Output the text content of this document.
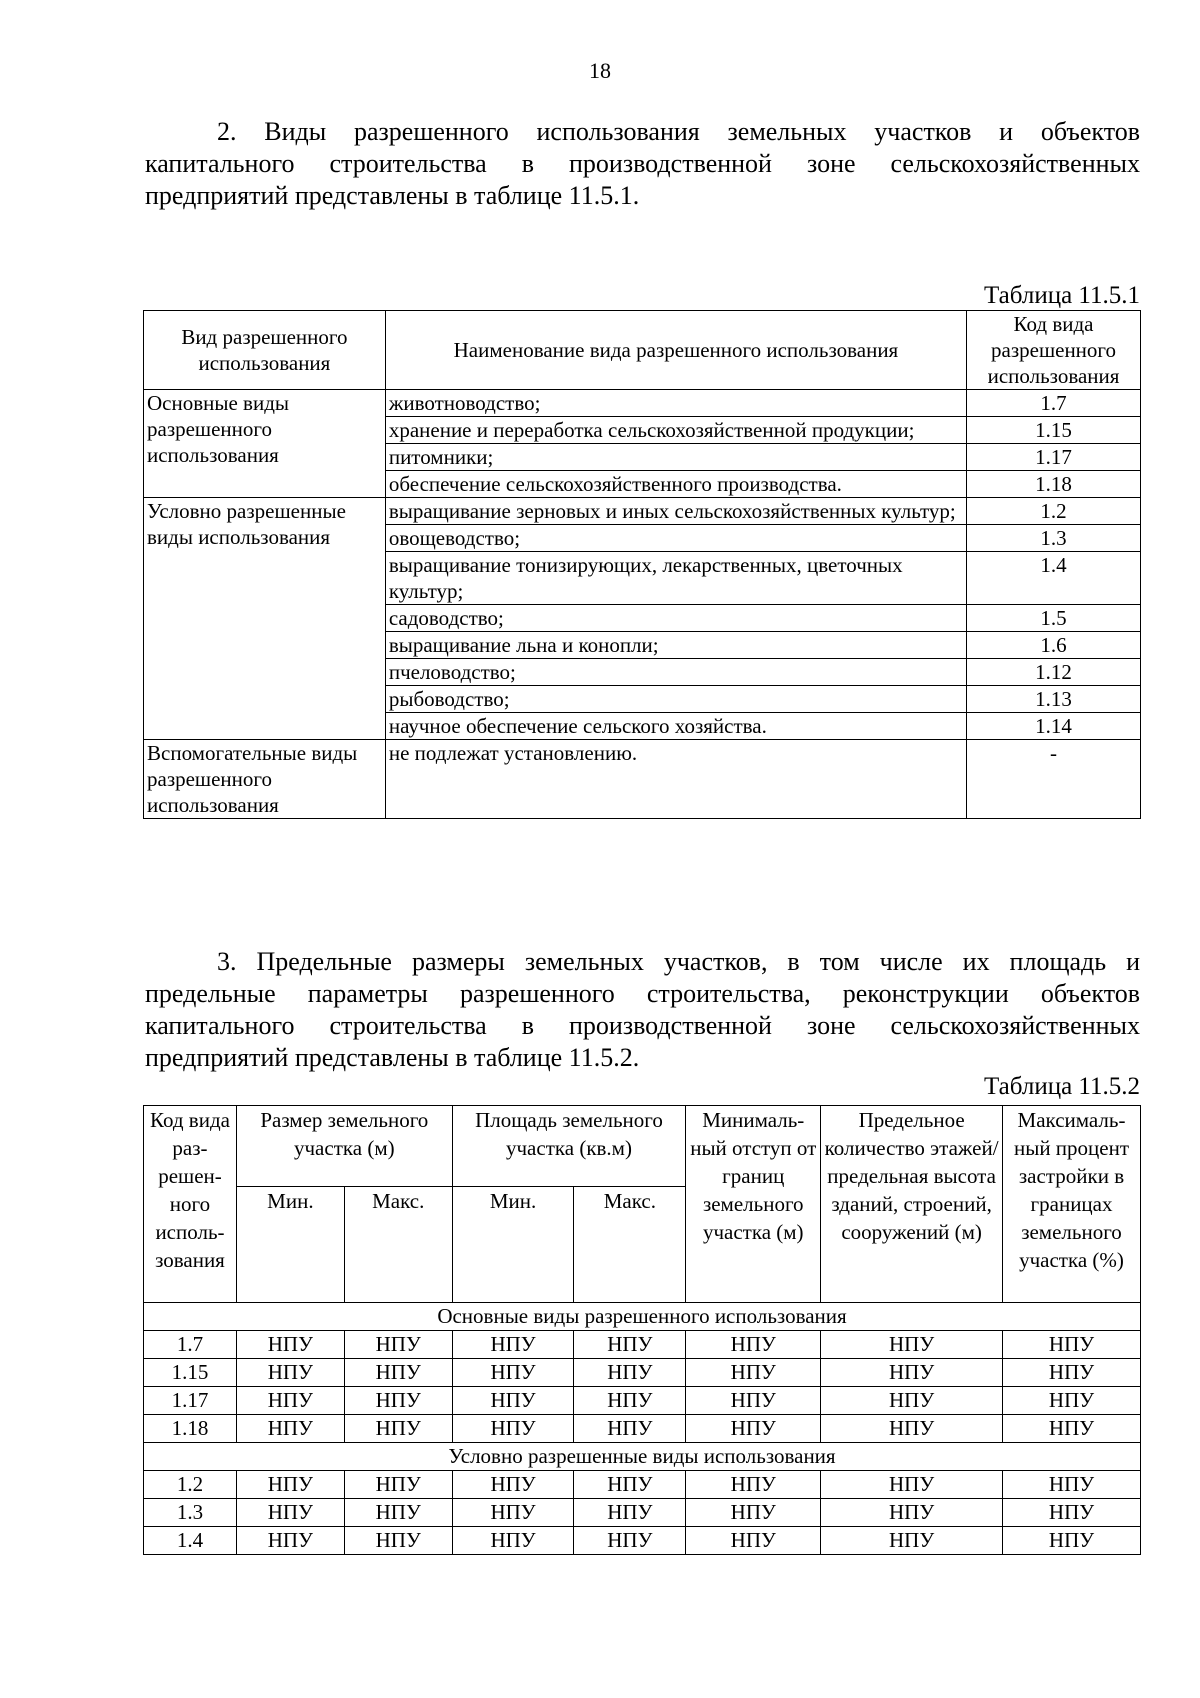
18

2. Виды разрешенного использования земельных участков и объектов капитального строительства в производственной зоне сельскохозяйственных предприятий представлены в таблице 11.5.1.

Таблица 11.5.1
Вид разрешенного использования	Наименование вида разрешенного использования	Код вида разрешенного использования
Основные виды разрешенного использования	животноводство;	1.7
	хранение и переработка сельскохозяйственной продукции;	1.15
	питомники;	1.17
	обеспечение сельскохозяйственного производства.	1.18
Условно разрешенные виды использования	выращивание зерновых и иных сельскохозяйственных культур;	1.2
	овощеводство;	1.3
	выращивание тонизирующих, лекарственных, цветочных культур;	1.4
	садоводство;	1.5
	выращивание льна и конопли;	1.6
	пчеловодство;	1.12
	рыбоводство;	1.13
	научное обеспечение сельского хозяйства.	1.14
Вспомогательные виды разрешенного использования	не подлежат установлению.	-

3. Предельные размеры земельных участков, в том числе их площадь и предельные параметры разрешенного строительства, реконструкции объектов капитального строительства в производственной зоне сельскохозяйственных предприятий представлены в таблице 11.5.2.

Таблица 11.5.2
Код вида раз-решен-ного исполь-зования	Размер земельного участка (м)		Площадь земельного участка (кв.м)		Минималь-ный отступ от границ земельного участка (м)	Предельное количество этажей/ предельная высота зданий, строений, сооружений (м)	Максималь-ный процент застройки в границах земельного участка (%)
	Мин.	Макс.	Мин.	Макс.			
Основные виды разрешенного использования							
1.7	НПУ	НПУ	НПУ	НПУ	НПУ	НПУ	НПУ
1.15	НПУ	НПУ	НПУ	НПУ	НПУ	НПУ	НПУ
1.17	НПУ	НПУ	НПУ	НПУ	НПУ	НПУ	НПУ
1.18	НПУ	НПУ	НПУ	НПУ	НПУ	НПУ	НПУ
Условно разрешенные виды использования							
1.2	НПУ	НПУ	НПУ	НПУ	НПУ	НПУ	НПУ
1.3	НПУ	НПУ	НПУ	НПУ	НПУ	НПУ	НПУ
1.4	НПУ	НПУ	НПУ	НПУ	НПУ	НПУ	НПУ
